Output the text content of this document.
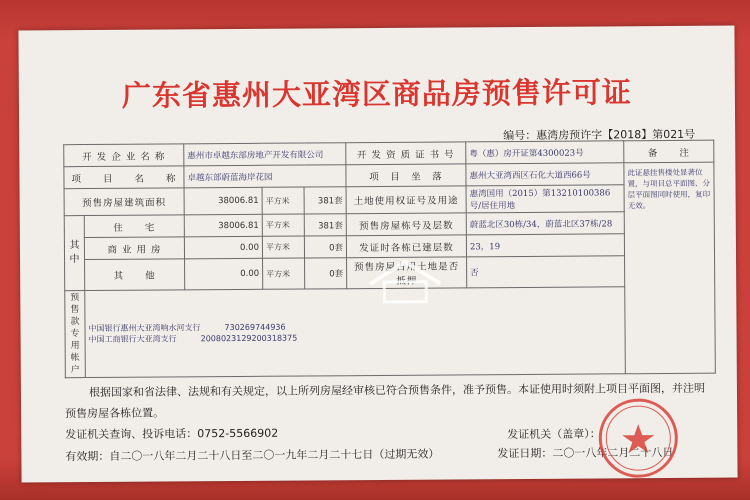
广东省惠州大亚湾区商品房预售许可证
编号：惠湾房预许字【2018】第021号
开 发 企 业 名 称		惠州市卓越东部房地产开发有限公司			开 发 资 质 证 书 号	粤（惠）房开证第4300023号	备　　注
项　　目　　名　　称		卓越东部蔚蓝海岸花园			项　目　坐　落	惠州大亚湾西区石化大道西66号	此证悬挂售楼处显著位置，与项目总平面图、分层平面图同时使用，复印无效。
预售房屋建筑面积		38006.81	平方米	381套	土地使用权证号及用途	惠湾国用（2015）第13210100386号/居住用地	
其中	住　　宅	38006.81	平方米	381套	预售房屋栋号及层数	蔚蓝北区30栋/34，蔚蓝北区37栋/28	
	商 业 用 房	0.00	平方米	0套	发证时各栋已建层数	23，19	
	其　　他	0.00	平方米	0套	预售房屋占用土地是否抵押	否	
预售款专用帐户	中国银行惠州大亚湾响水河支行 730269744936
中国工商银行大亚湾支行 2008023129200318375						

根据国家和省法律、法规和有关规定，以上所列房屋经审核已符合预售条件，准予预售。本证使用时须附上项目平面图，并注明预售房屋各栋位置。

发证机关查询、投诉电话：0752-5566902	发证机关（盖章）：
有效期：自二〇一八年二月二十八日至二〇一九年二月二十七日（过期无效）	发证日期：二〇一八年二月二十八日
